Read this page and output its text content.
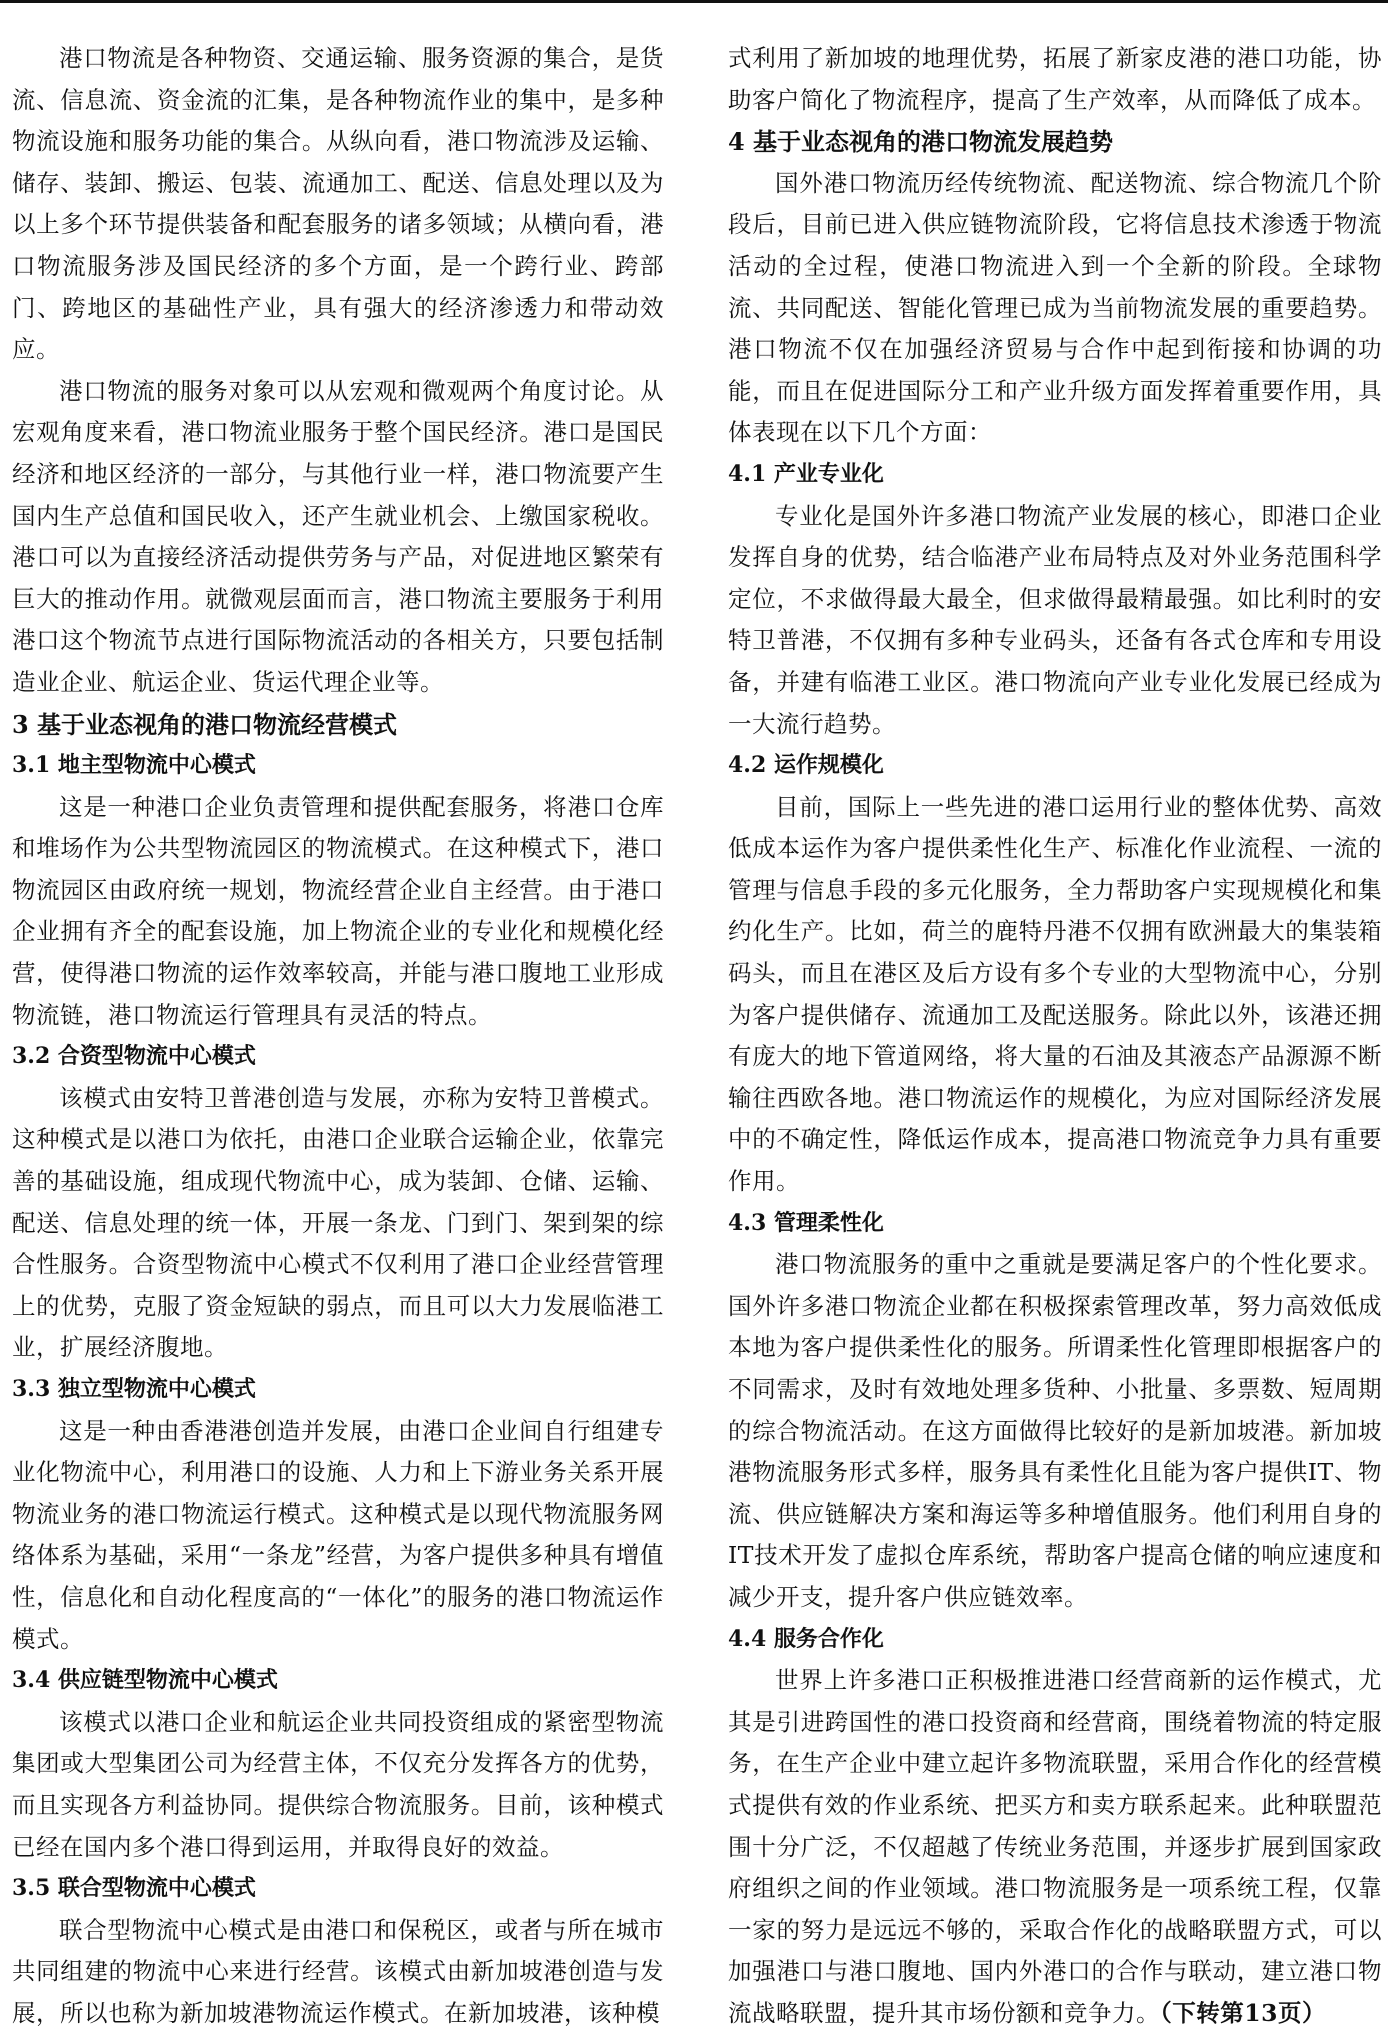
港口物流是各种物资、交通运输、服务资源的集合，是货流、信息流、资金流的汇集，是各种物流作业的集中，是多种物流设施和服务功能的集合。从纵向看，港口物流涉及运输、储存、装卸、搬运、包装、流通加工、配送、信息处理以及为以上多个环节提供装备和配套服务的诸多领域；从横向看，港口物流服务涉及国民经济的多个方面，是一个跨行业、跨部门、跨地区的基础性产业，具有强大的经济渗透力和带动效应。

港口物流的服务对象可以从宏观和微观两个角度讨论。从宏观角度来看，港口物流业服务于整个国民经济。港口是国民经济和地区经济的一部分，与其他行业一样，港口物流要产生国内生产总值和国民收入，还产生就业机会、上缴国家税收。港口可以为直接经济活动提供劳务与产品，对促进地区繁荣有巨大的推动作用。就微观层面而言，港口物流主要服务于利用港口这个物流节点进行国际物流活动的各相关方，只要包括制造业企业、航运企业、货运代理企业等。

3 基于业态视角的港口物流经营模式
3.1 地主型物流中心模式

这是一种港口企业负责管理和提供配套服务，将港口仓库和堆场作为公共型物流园区的物流模式。在这种模式下，港口物流园区由政府统一规划，物流经营企业自主经营。由于港口企业拥有齐全的配套设施，加上物流企业的专业化和规模化经营，使得港口物流的运作效率较高，并能与港口腹地工业形成物流链，港口物流运行管理具有灵活的特点。

3.2 合资型物流中心模式

该模式由安特卫普港创造与发展，亦称为安特卫普模式。这种模式是以港口为依托，由港口企业联合运输企业，依靠完善的基础设施，组成现代物流中心，成为装卸、仓储、运输、配送、信息处理的统一体，开展一条龙、门到门、架到架的综合性服务。合资型物流中心模式不仅利用了港口企业经营管理上的优势，克服了资金短缺的弱点，而且可以大力发展临港工业，扩展经济腹地。

3.3 独立型物流中心模式

这是一种由香港港创造并发展，由港口企业间自行组建专业化物流中心，利用港口的设施、人力和上下游业务关系开展物流业务的港口物流运行模式。这种模式是以现代物流服务网络体系为基础，采用“一条龙”经营，为客户提供多种具有增值性，信息化和自动化程度高的“一体化”的服务的港口物流运作模式。

3.4 供应链型物流中心模式

该模式以港口企业和航运企业共同投资组成的紧密型物流集团或大型集团公司为经营主体，不仅充分发挥各方的优势，而且实现各方利益协同。提供综合物流服务。目前，该种模式已经在国内多个港口得到运用，并取得良好的效益。

3.5 联合型物流中心模式

联合型物流中心模式是由港口和保税区，或者与所在城市共同组建的物流中心来进行经营。该模式由新加坡港创造与发展，所以也称为新加坡港物流运作模式。在新加坡港，该种模

式利用了新加坡的地理优势，拓展了新家皮港的港口功能，协助客户简化了物流程序，提高了生产效率，从而降低了成本。

4 基于业态视角的港口物流发展趋势

国外港口物流历经传统物流、配送物流、综合物流几个阶段后，目前已进入供应链物流阶段，它将信息技术渗透于物流活动的全过程，使港口物流进入到一个全新的阶段。全球物流、共同配送、智能化管理已成为当前物流发展的重要趋势。港口物流不仅在加强经济贸易与合作中起到衔接和协调的功能，而且在促进国际分工和产业升级方面发挥着重要作用，具体表现在以下几个方面：

4.1 产业专业化

专业化是国外许多港口物流产业发展的核心，即港口企业发挥自身的优势，结合临港产业布局特点及对外业务范围科学定位，不求做得最大最全，但求做得最精最强。如比利时的安特卫普港，不仅拥有多种专业码头，还备有各式仓库和专用设备，并建有临港工业区。港口物流向产业专业化发展已经成为一大流行趋势。

4.2 运作规模化

目前，国际上一些先进的港口运用行业的整体优势、高效低成本运作为客户提供柔性化生产、标准化作业流程、一流的管理与信息手段的多元化服务，全力帮助客户实现规模化和集约化生产。比如，荷兰的鹿特丹港不仅拥有欧洲最大的集装箱码头，而且在港区及后方设有多个专业的大型物流中心，分别为客户提供储存、流通加工及配送服务。除此以外，该港还拥有庞大的地下管道网络，将大量的石油及其液态产品源源不断输往西欧各地。港口物流运作的规模化，为应对国际经济发展中的不确定性，降低运作成本，提高港口物流竞争力具有重要作用。

4.3 管理柔性化

港口物流服务的重中之重就是要满足客户的个性化要求。国外许多港口物流企业都在积极探索管理改革，努力高效低成本地为客户提供柔性化的服务。所谓柔性化管理即根据客户的不同需求，及时有效地处理多货种、小批量、多票数、短周期的综合物流活动。在这方面做得比较好的是新加坡港。新加坡港物流服务形式多样，服务具有柔性化且能为客户提供IT、物流、供应链解决方案和海运等多种增值服务。他们利用自身的IT技术开发了虚拟仓库系统，帮助客户提高仓储的响应速度和减少开支，提升客户供应链效率。

4.4 服务合作化

世界上许多港口正积极推进港口经营商新的运作模式，尤其是引进跨国性的港口投资商和经营商，围绕着物流的特定服务，在生产企业中建立起许多物流联盟，采用合作化的经营模式提供有效的作业系统、把买方和卖方联系起来。此种联盟范围十分广泛，不仅超越了传统业务范围，并逐步扩展到国家政府组织之间的作业领域。港口物流服务是一项系统工程，仅靠一家的努力是远远不够的，采取合作化的战略联盟方式，可以加强港口与港口腹地、国内外港口的合作与联动，建立港口物流战略联盟，提升其市场份额和竞争力。（下转第13页）
